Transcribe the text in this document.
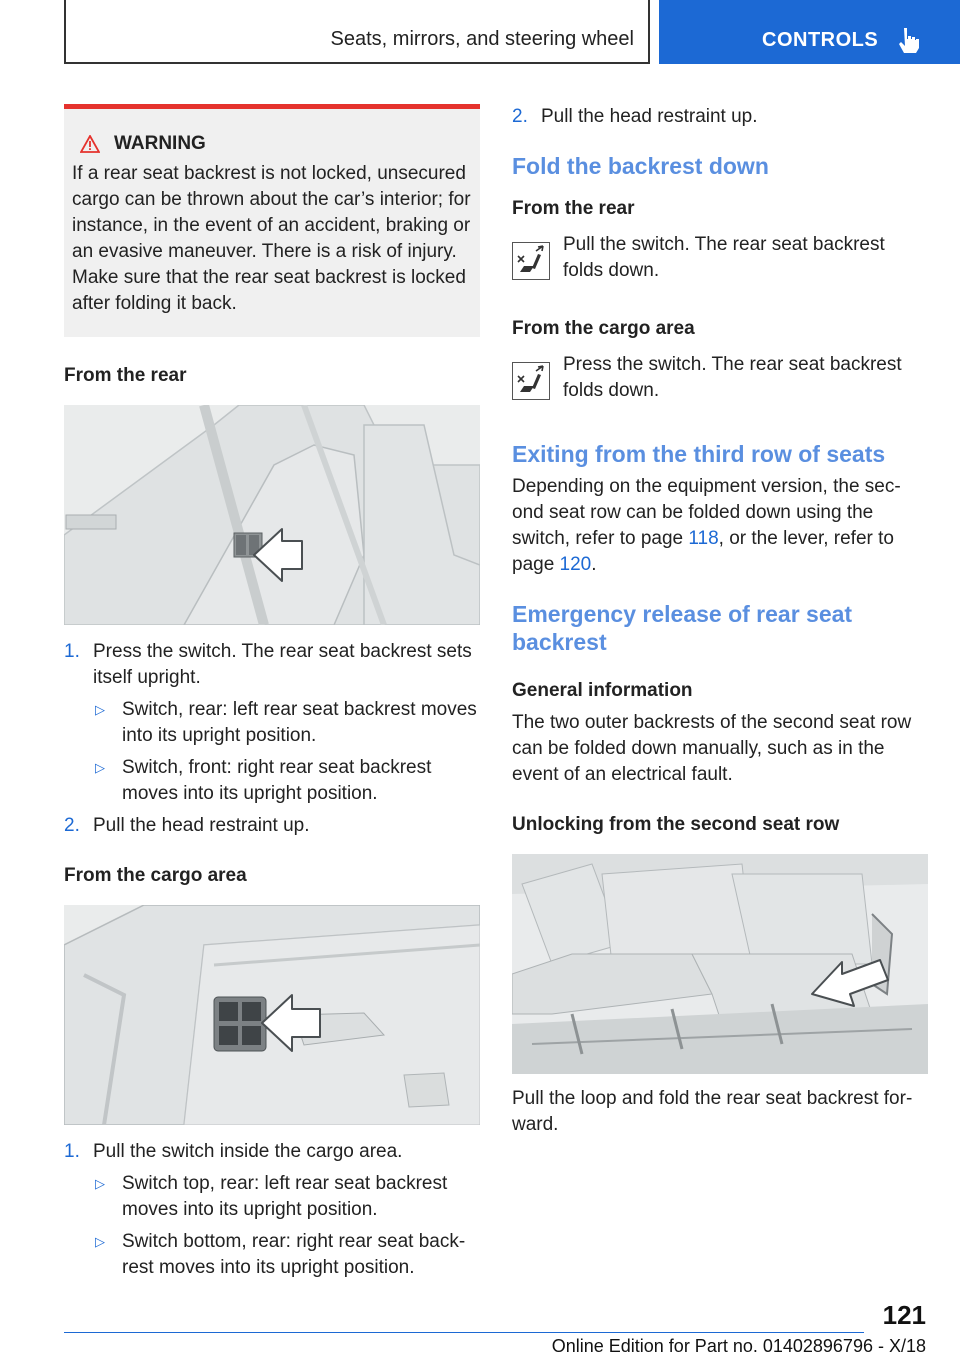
Seats, mirrors, and steering wheel	CONTROLS
WARNING

If a rear seat backrest is not locked, unsecured cargo can be thrown about the car’s interior; for instance, in the event of an accident, braking or an evasive maneuver. There is a risk of injury. Make sure that the rear seat backrest is locked after folding it back.

From the rear

1. Press the switch. The rear seat backrest sets itself upright.
▷ Switch, rear: left rear seat backrest moves into its upright position.
▷ Switch, front: right rear seat backrest moves into its upright position.
2. Pull the head restraint up.

From the cargo area

1. Pull the switch inside the cargo area.
▷ Switch top, rear: left rear seat backrest moves into its upright position.
▷ Switch bottom, rear: right rear seat back‐rest moves into its upright position.
2. Pull the head restraint up.

Fold the backrest down

From the rear

Pull the switch. The rear seat backrest folds down.

From the cargo area

Press the switch. The rear seat backrest folds down.

Exiting from the third row of seats

Depending on the equipment version, the sec‐ond seat row can be folded down using the switch, refer to page 118, or the lever, refer to page 120.

Emergency release of rear seat backrest

General information

The two outer backrests of the second seat row can be folded down manually, such as in the event of an electrical fault.

Unlocking from the second seat row

Pull the loop and fold the rear seat backrest for‐ward.

121
Online Edition for Part no. 01402896796 - X/18
